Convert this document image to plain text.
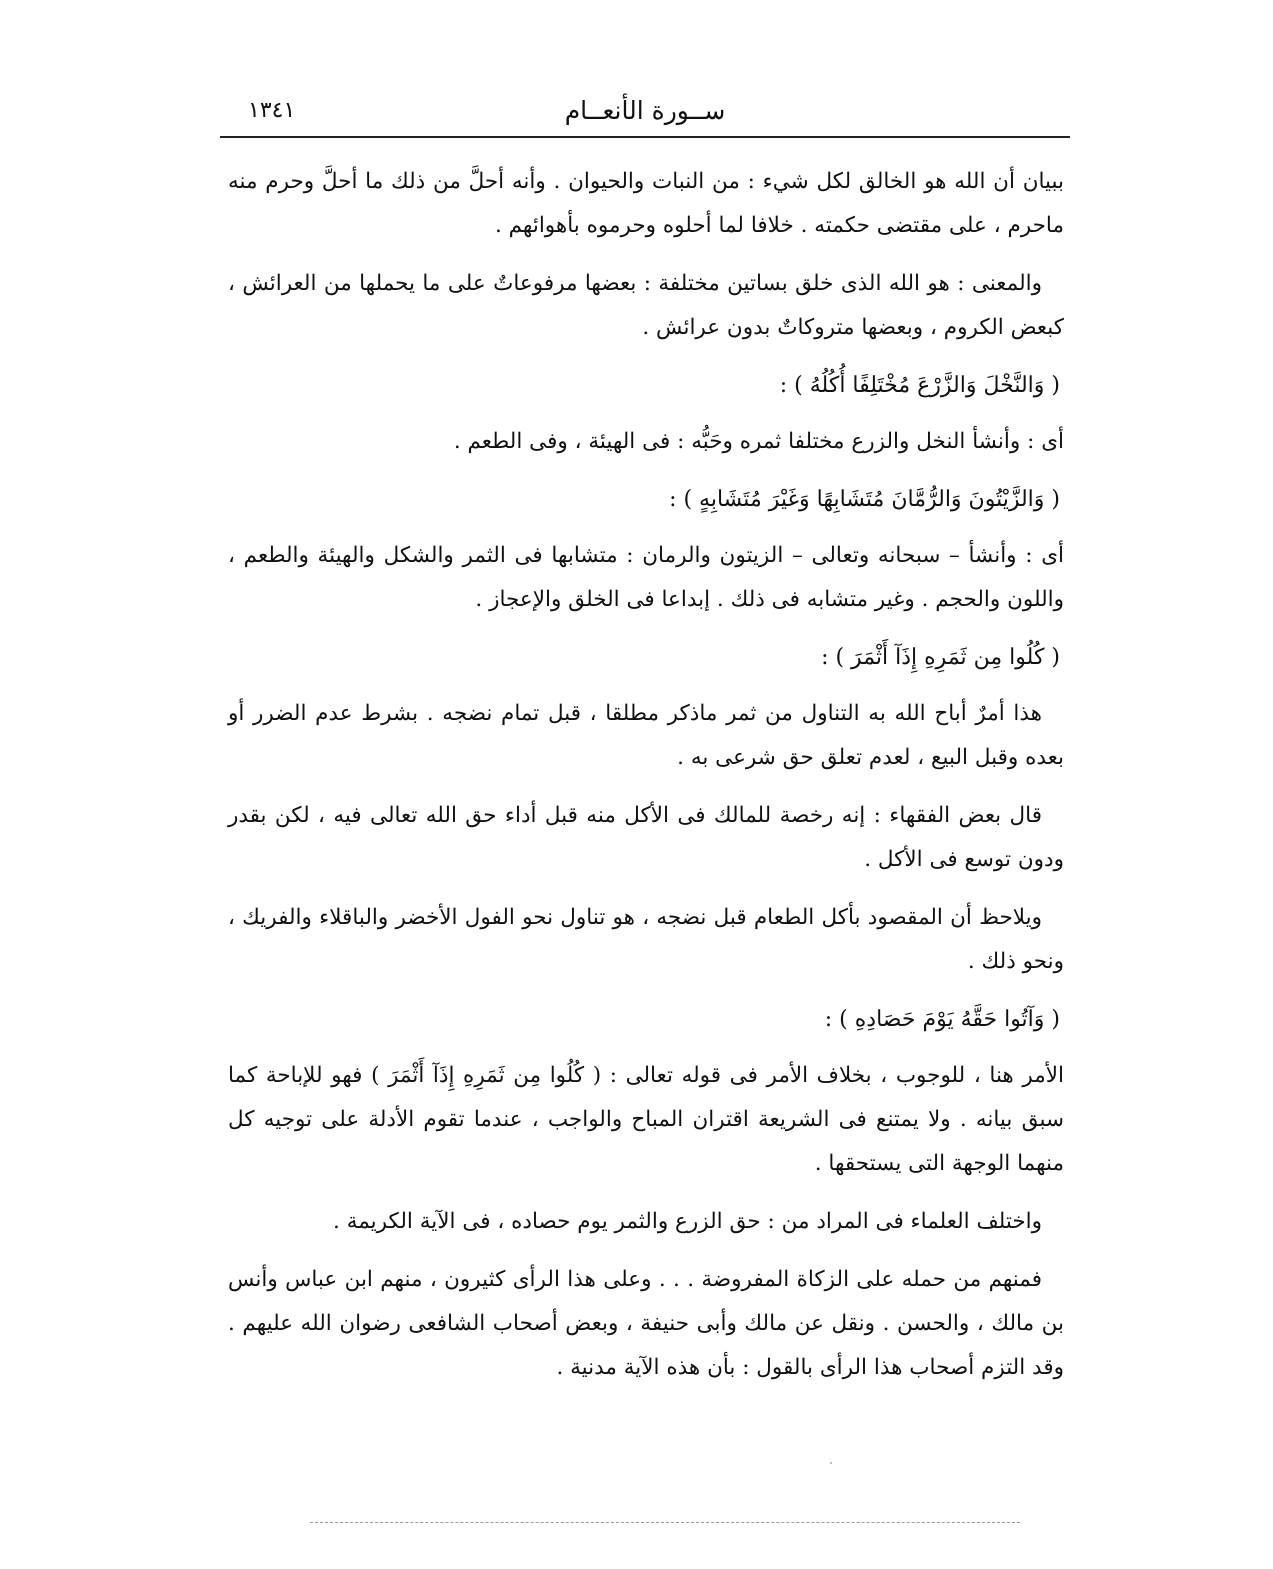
ســورة الأنعــام
١٣٤١

ببيان أن الله هو الخالق لكل شيء : من النبات والحيوان . وأنه أحلَّ من ذلك ما أحلَّ وحرم منه ماحرم ، على مقتضى حكمته . خلافا لما أحلوه وحرموه بأهوائهم .

والمعنى : هو الله الذى خلق بساتين مختلفة : بعضها مرفوعاتٌ على ما يحملها من العرائش ، كبعض الكروم ، وبعضها متروكاتٌ بدون عرائش .

( وَالنَّخْلَ وَالزَّرْعَ مُخْتَلِفًا أُكُلُهُ ) :

أى : وأنشأ النخل والزرع مختلفا ثمره وحَبُّه : فى الهيئة ، وفى الطعم .

( وَالزَّيْتُونَ وَالرُّمَّانَ مُتَشَابِهًا وَغَيْرَ مُتَشَابِهٍ ) :

أى : وأنشأ – سبحانه وتعالى – الزيتون والرمان : متشابها فى الثمر والشكل والهيئة والطعم ، واللون والحجم . وغير متشابه فى ذلك . إبداعا فى الخلق والإعجاز .

( كُلُوا مِن ثَمَرِهِ إِذَآ أَثْمَرَ ) :

هذا أمرٌ أباح الله به التناول من ثمر ماذكر مطلقا ، قبل تمام نضجه . بشرط عدم الضرر أو بعده وقبل البيع ، لعدم تعلق حق شرعى به .

قال بعض الفقهاء : إنه رخصة للمالك فى الأكل منه قبل أداء حق الله تعالى فيه ، لكن بقدر ودون توسع فى الأكل .

ويلاحظ أن المقصود بأكل الطعام قبل نضجه ، هو تناول نحو الفول الأخضر والباقلاء والفريك ، ونحو ذلك .

( وَآتُوا حَقَّهُ يَوْمَ حَصَادِهِ ) :

الأمر هنا ، للوجوب ، بخلاف الأمر فى قوله تعالى : ( كُلُوا مِن ثَمَرِهِ إِذَآ أَثْمَرَ ) فهو للإباحة كما سبق بيانه . ولا يمتنع فى الشريعة اقتران المباح والواجب ، عندما تقوم الأدلة على توجيه كل منهما الوجهة التى يستحقها .

واختلف العلماء فى المراد من : حق الزرع والثمر يوم حصاده ، فى الآية الكريمة .

فمنهم من حمله على الزكاة المفروضة . . . وعلى هذا الرأى كثيرون ، منهم ابن عباس وأنس بن مالك ، والحسن . ونقل عن مالك وأبى حنيفة ، وبعض أصحاب الشافعى رضوان الله عليهم . وقد التزم أصحاب هذا الرأى بالقول : بأن هذه الآية مدنية .
